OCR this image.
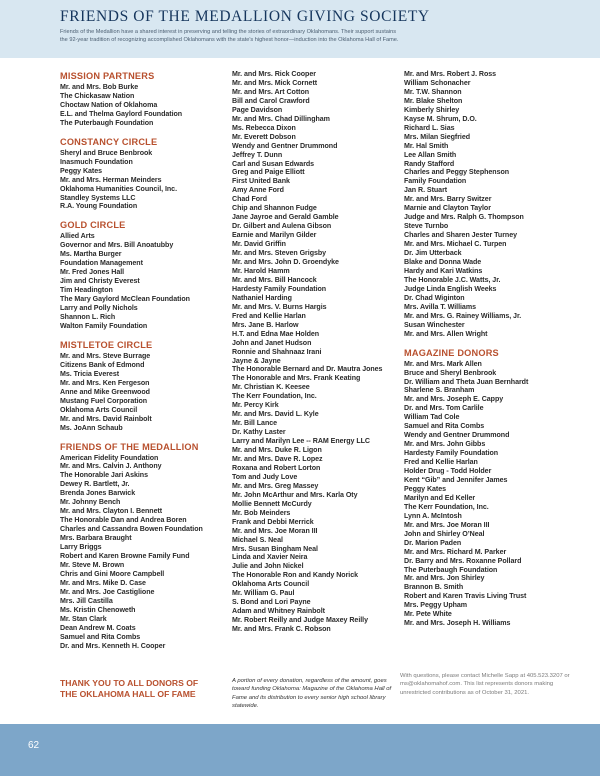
FRIENDS OF THE MEDALLION GIVING SOCIETY
Friends of the Medallion have a shared interest in preserving and telling the stories of extraordinary Oklahomans. Their support sustains the 92-year tradition of recognizing accomplished Oklahomans with the state's highest honor—induction into the Oklahoma Hall of Fame.
MISSION PARTNERS
Mr. and Mrs. Bob Burke
The Chickasaw Nation
Choctaw Nation of Oklahoma
E.L. and Thelma Gaylord Foundation
The Puterbaugh Foundation
CONSTANCY CIRCLE
Sheryl and Bruce Benbrook
Inasmuch Foundation
Peggy Kates
Mr. and Mrs. Herman Meinders
Oklahoma Humanities Council, Inc.
Standley Systems LLC
R.A. Young Foundation
GOLD CIRCLE
Allied Arts
Governor and Mrs. Bill Anoatubby
Ms. Martha Burger
Foundation Management
Mr. Fred Jones Hall
Jim and Christy Everest
Tim Headington
The Mary Gaylord McClean Foundation
Larry and Polly Nichols
Shannon L. Rich
Walton Family Foundation
MISTLETOE CIRCLE
Mr. and Mrs. Steve Burrage
Citizens Bank of Edmond
Ms. Tricia Everest
Mr. and Mrs. Ken Fergeson
Anne and Mike Greenwood
Mustang Fuel Corporation
Oklahoma Arts Council
Mr. and Mrs. David Rainbolt
Ms. JoAnn Schaub
FRIENDS OF THE MEDALLION
American Fidelity Foundation
Mr. and Mrs. Calvin J. Anthony
The Honorable Jari Askins
Dewey R. Bartlett, Jr.
Brenda Jones Barwick
Mr. Johnny Bench
Mr. and Mrs. Clayton I. Bennett
The Honorable Dan and Andrea Boren
Charles and Cassandra Bowen Foundation
Mrs. Barbara Braught
Larry Briggs
Robert and Karen Browne Family Fund
Mr. Steve M. Brown
Chris and Gini Moore Campbell
Mr. and Mrs. Mike D. Case
Mr. and Mrs. Joe Castiglione
Mrs. Jill Castilla
Ms. Kristin Chenoweth
Mr. Stan Clark
Dean Andrew M. Coats
Samuel and Rita Combs
Dr. and Mrs. Kenneth H. Cooper
Mr. and Mrs. Rick Cooper
Mr. and Mrs. Mick Cornett
Mr. and Mrs. Art Cotton
Bill and Carol Crawford
Page Davidson
Mr. and Mrs. Chad Dillingham
Ms. Rebecca Dixon
Mr. Everett Dobson
Wendy and Gentner Drummond
Jeffrey T. Dunn
Carl and Susan Edwards
Greg and Paige Elliott
First United Bank
Amy Anne Ford
Chad Ford
Chip and Shannon Fudge
Jane Jayroe and Gerald Gamble
Dr. Gilbert and Aulena Gibson
Earnie and Marilyn Gilder
Mr. David Griffin
Mr. and Mrs. Steven Grigsby
Mr. and Mrs. John D. Groendyke
Mr. Harold Hamm
Mr. and Mrs. Bill Hancock
Hardesty Family Foundation
Nathaniel Harding
Mr. and Mrs. V. Burns Hargis
Fred and Kellie Harlan
Mrs. Jane B. Harlow
H.T. and Edna Mae Holden
John and Janet Hudson
Ronnie and Shahnaaz Irani
Jayne & Jayne
The Honorable Bernard and Dr. Mautra Jones
The Honorable and Mrs. Frank Keating
Mr. Christian K. Keesee
The Kerr Foundation, Inc.
Mr. Percy Kirk
Mr. and Mrs. David L. Kyle
Mr. Bill Lance
Dr. Kathy Laster
Larry and Marilyn Lee -- RAM Energy LLC
Mr. and Mrs. Duke R. Ligon
Mr. and Mrs. Dave R. Lopez
Roxana and Robert Lorton
Tom and Judy Love
Mr. and Mrs. Greg Massey
Mr. John McArthur and Mrs. Karla Oty
Mollie Bennett McCurdy
Mr. Bob Meinders
Frank and Debbi Merrick
Mr. and Mrs. Joe Moran III
Michael S. Neal
Mrs. Susan Bingham Neal
Linda and Xavier Neira
Julie and John Nickel
The Honorable Ron and Kandy Norick
Oklahoma Arts Council
Mr. William G. Paul
S. Bond and Lori Payne
Adam and Whitney Rainbolt
Mr. Robert Reilly and Judge Maxey Reilly
Mr. and Mrs. Frank C. Robson
Mr. and Mrs. Robert J. Ross
William Schonacher
Mr. T.W. Shannon
Mr. Blake Shelton
Kimberly Shirley
Kayse M. Shrum, D.O.
Richard L. Sias
Mrs. Milan Siegfried
Mr. Hal Smith
Lee Allan Smith
Randy Stafford
Charles and Peggy Stephenson
Family Foundation
Jan R. Stuart
Mr. and Mrs. Barry Switzer
Marnie and Clayton Taylor
Judge and Mrs. Ralph G. Thompson
Steve Turnbo
Charles and Sharen Jester Turney
Mr. and Mrs. Michael C. Turpen
Dr. Jim Utterback
Blake and Donna Wade
Hardy and Kari Watkins
The Honorable J.C. Watts, Jr.
Judge Linda English Weeks
Dr. Chad Wiginton
Mrs. Avilla T. Williams
Mr. and Mrs. G. Rainey Williams, Jr.
Susan Winchester
Mr. and Mrs. Allen Wright
MAGAZINE DONORS
Mr. and Mrs. Mark Allen
Bruce and Sheryl Benbrook
Dr. William and Theta Juan Bernhardt
Sharlene S. Branham
Mr. and Mrs. Joseph E. Cappy
Dr. and Mrs. Tom Carlile
William Tad Cole
Samuel and Rita Combs
Wendy and Gentner Drummond
Mr. and Mrs. John Gibbs
Hardesty Family Foundation
Fred and Kellie Harlan
Holder Drug - Todd Holder
Kent “Gib” and Jennifer James
Peggy Kates
Marilyn and Ed Keller
The Kerr Foundation, Inc.
Lynn A. McIntosh
Mr. and Mrs. Joe Moran III
John and Shirley O’Neal
Dr. Marion Paden
Mr. and Mrs. Richard M. Parker
Dr. Barry and Mrs. Roxanne Pollard
The Puterbaugh Foundation
Mr. and Mrs. Jon Shirley
Brannon B. Smith
Robert and Karen Travis Living Trust
Mrs. Peggy Upham
Mr. Pete White
Mr. and Mrs. Joseph H. Williams
THANK YOU TO ALL DONORS OF
THE OKLAHOMA HALL OF FAME
A portion of every donation, regardless of the amount, goes toward funding Oklahoma: Magazine of the Oklahoma Hall of Fame and its distribution to every senior high school library statewide.
With questions, please contact Michelle Sapp at 405.523.3207 or ms@oklahomahof.com. This list represents donors making unrestricted contributions as of October 31, 2021.
62
